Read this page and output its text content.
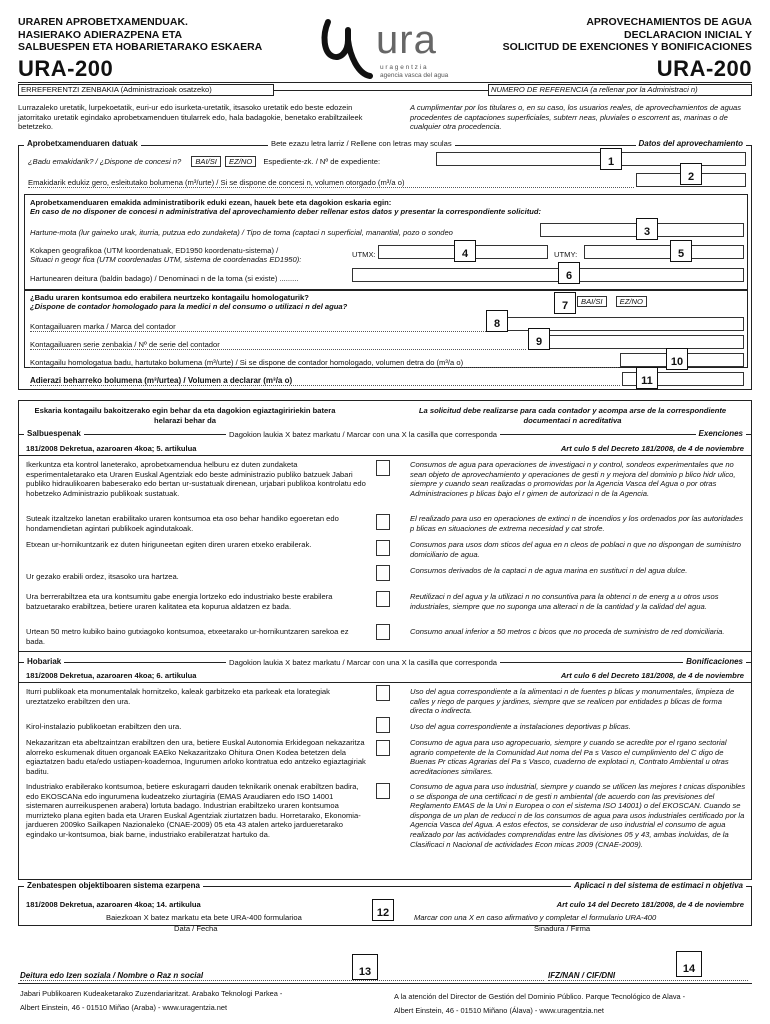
URAREN APROBETXAMENDUAK.
HASIERAKO ADIERAZPENA ETA
SALBUESPEN ETA HOBARIETARAKO ESKAERA
URA-200
ura
u r a g e n t z i a
agencia vasca del agua
APROVECHAMIENTOS DE AGUA
DECLARACION INICIAL Y
SOLICITUD DE EXENCIONES Y BONIFICACIONES
URA-200
ERREFERENTZI ZENBAKIA (Administrazioak osatzeko)	NUMERO DE REFERENCIA (a rellenar por la Administraci n)
Lurrazaleko uretatik, lurpekoetatik, euri-ur edo isurketa-uretatik, itsasoko uretatik edo beste edozein jatorritako uretatik egindako aprobetxamenduen titularrek edo, hala badagokie, benetako erabiltzaileek betetzeko.
A cumplimentar por los titulares o, en su caso, los usuarios reales, de aprovechamientos de aguas procedentes de captaciones superficiales, subterr neas, pluviales o escorrent as, marinas o de cualquier otra procedencia.
Aprobetxamenduaren datuak	Bete ezazu letra larriz / Rellene con letras may sculas	Datos del aprovechamiento
¿Badu emakidarik? / ¿Dispone de concesi n? BAI/SI EZ/NO Espediente-zk. / Nº de expediente:
Emakidarik edukiz gero, esleitutako bolumena (m³/urte) / Si se dispone de concesi n, volumen otorgado (m³/a o)
Aprobetxamenduaren emakida administratiborik eduki ezean, hauek bete eta dagokion eskaria egin:
En caso de no disponer de concesi n administrativa del aprovechamiento deber rellenar estos datos y presentar la correspondiente solicitud:
Hartune-mota (lur gaineko urak, iturria, putzua edo zundaketa) / Tipo de toma (captaci n superficial, manantial, pozo o sondeo
Kokapen geografikoa (UTM koordenatuak, ED1950 koordenatu-sistema) /
Situaci n geogr fica (UTM coordenadas UTM, sistema de coordenadas ED1950):
UTMX:	UTMY:
Hartunearen deitura (baldin badago) / Denominaci n de la toma (si existe) .........
¿Badu uraren kontsumoa edo erabilera neurtzeko kontagailu homologaturik?
¿Dispone de contador homologado para la medici n del consumo o utilizaci n del agua?
BAI/SI EZ/NO
Kontagailuaren marka / Marca del contador
Kontagailuaren serie zenbakia / Nº de serie del contador
Kontagailu homologatua badu, hartutako bolumena (m³/urte) / Si se dispone de contador homologado, volumen detra do (m³/a o)
Adierazi beharreko bolumena (m³/urtea) / Volumen a declarar (m³/a o)
Eskaria kontagailu bakoitzerako egin behar da eta dagokion egiaztagiririekin batera helarazi behar da
La solicitud debe realizarse para cada contador y acompa arse de la correspondiente documentaci n acreditativa
Salbuespenak	Dagokion laukia X batez markatu / Marcar con una X la casilla que corresponda	Exenciones
181/2008 Dekretua, azaroaren 4koa; 5. artikulua	Art culo 5 del Decreto 181/2008, de 4 de noviembre
Ikerkuntza eta kontrol laneterako, aprobetxamendua helburu ez duten zundaketa esperimentaletarako eta Uraren Euskal Agentziak edo beste administrazio publiko batzuek Jabari publiko hidraulikoaren babeserako edo bertan ur-sustatuak direnean, urjabari publikoa kontrolatu edo hobetzeko Administrazio publikoak sustatuak.
Consumos de agua para operaciones de investigaci n y control, sondeos experimentales que no sean objeto de aprovechamiento y operaciones de gesti n y mejora del dominio p blico hidr ulico, siempre y cuando sean realizadas o promovidas por la Agencia Vasca del Agua o por otras Administraciones p blicas bajo el r gimen de autorizaci n de la Agencia.
Suteak itzaltzeko lanetan erabilitako uraren kontsumoa eta oso behar handiko egoeretan edo hondamendietan agintari publikoek agindutakoak.
El realizado para uso en operaciones de extinci n de incendios y los ordenados por las autoridades p blicas en situaciones de extrema necesidad y cat strofe.
Etxean ur-hornikuntzarik ez duten hiriguneetan egiten diren uraren etxeko erabilerak.	Consumos para usos dom sticos del agua en n cleos de poblaci n que no dispongan de suministro domiciliario de agua.
Ur gezako erabili ordez, itsasoko ura hartzea.
Consumos derivados de la captaci n de agua marina en sustituci n del agua dulce.
Ura berrerabiltzea eta ura kontsumitu gabe energia lortzeko edo industriako beste erabilera batzuetarako erabiltzea, betiere uraren kalitatea eta kopurua aldatzen ez bada.
Reutilizaci n del agua y la utilizaci n no consuntiva para la obtenci n de energ a u otros usos industriales, siempre que no suponga una alteraci n de la cantidad y la calidad del agua.
Urtean 50 metro kubiko baino gutxiagoko kontsumoa, etxeetarako ur-hornikuntzaren sarekoa ez bada.
Consumo anual inferior a 50 metros c bicos que no proceda de suministro de red domiciliaria.
Hobariak	Dagokion laukia X batez markatu / Marcar con una X la casilla que corresponda	Bonificaciones
181/2008 Dekretua, azaroaren 4koa; 6. artikulua	Art culo 6 del Decreto 181/2008, de 4 de noviembre
Iturri publikoak eta monumentalak hornitzeko, kaleak garbitzeko eta parkeak eta lorategiak ureztatzeko erabiltzen den ura.
Uso del agua correspondiente a la alimentaci n de fuentes p blicas y monumentales, limpieza de calles y riego de parques y jardines, siempre que se realicen por entidades p blicas de forma directa o indirecta.
Kirol-instalazio publikoetan erabiltzen den ura.	Uso del agua correspondiente a instalaciones deportivas p blicas.
Nekazaritzan eta abeltzaintzan erabiltzen den ura, betiere Euskal Autonomia Erkidegoan nekazaritza alorreko eskumenak dituen organoak EAEko Nekazaritzako Ohitura Onen Kodea betetzen dela egiaztatzen badu eta/edo ustiapen-koadernoa, Ingurumen arloko kontratua edo antzeko egiaztagiriak baditu.
Consumo de agua para uso agropecuario, siempre y cuando se acredite por el rgano sectorial agrario competente de la Comunidad Aut noma del Pa s Vasco el cumplimiento del C digo de Buenas Pr cticas Agrarias del Pa s Vasco, cuaderno de explotaci n, Contrato Ambiental u otras acreditaciones similares.
Industriako erabilerako kontsumoa, betiere eskuragarri dauden teknikarik onenak erabiltzen badira, edo EKOSCANa edo ingurumena kudeatzeko ziurtagiria (EMAS Araudiaren edo ISO 14001 sistemaren aurreikuspenen arabera) lortuta badago. Industrian erabiltzeko uraren kontsumoa murrizteko plana egiten bada eta Uraren Euskal Agentziak ziurtatzen badu. Horretarako, Ekonomia-jardueren 2009ko Sailkapen Nazionaleko (CNAE-2009) 05 eta 43 atalen arteko jardueretarako egindako ur-kontsumoa, biak barne, industriako erabileratzat hartuko da.
Consumo de agua para uso industrial, siempre y cuando se utilicen las mejores t cnicas disponibles o se disponga de una certificaci n de gesti n ambiental (de acuerdo con las previsiones del Reglamento EMAS de la Uni n Europea o con el sistema ISO 14001) o del EKOSCAN. Cuando se disponga de un plan de reducci n de los consumos de agua para usos industriales certificado por la Agencia Vasca del Agua. A estos efectos, se considerar de uso industrial el consumo de agua realizado por las actividades comprendidas entre las divisiones 05 y 43, ambas incluidas, de la Clasificaci n Nacional de actividades Econ micas 2009 (CNAE-2009).
Zenbatespen objektiboaren sistema ezarpena	Aplicaci n del sistema de estimaci n objetiva
181/2008 Dekretua, azaroaren 4koa; 14. artikulua	Art culo 14 del Decreto 181/2008, de 4 de noviembre
Baiezkoan X batez markatu eta bete URA-400 formularioa	Marcar con una X en caso afirmativo y completar el formulario URA-400
Data / Fecha	Sinadura / Firma
Deitura edo Izen soziala / Nombre o Raz n social	IFZ/NAN / CIF/DNI
Jabari Publikoaren Kudeaketarako Zuzendariaritzat. Arabako Teknologi Parkea -
Albert Einstein, 46 - 01510 Miñao (Araba) - www.uragentzia.net
A la atención del Director de Gestión del Dominio Público. Parque Tecnológico de Alava -
Albert Einstein, 46 - 01510 Miñano (Álava) - www.uragentzia.net
1
2
3
4	5
6
7
8
9
10
11
12
13	14
